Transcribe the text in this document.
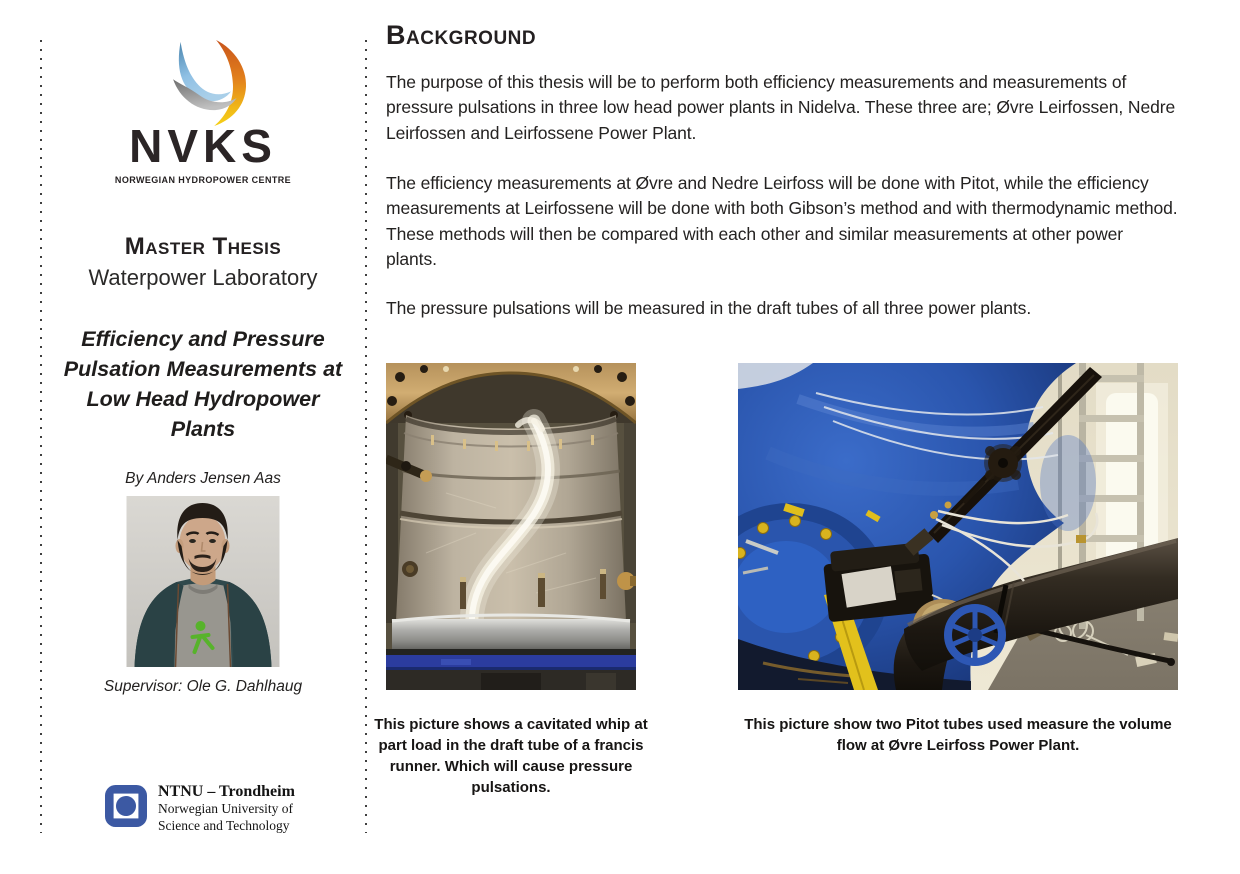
NVKS
NORWEGIAN HYDROPOWER CENTRE
Master Thesis
Waterpower Laboratory
Efficiency and Pressure Pulsation Measurements at Low Head Hydropower Plants
By Anders Jensen Aas
Supervisor: Ole G. Dahlhaug
NTNU – Trondheim
Norwegian University of
Science and Technology
Background

The purpose of this thesis will be to perform both efficiency measurements and measurements of pressure pulsations in three low head power plants in Nidelva. These three are; Øvre Leirfossen, Nedre Leirfossen and Leirfossene Power Plant.

The efficiency measurements at Øvre and Nedre Leirfoss will be done with Pitot, while the efficiency measurements at Leirfossene will be done with both Gibson’s method and with thermodynamic method. These methods will then be compared with each other and similar measurements at other power plants.

The pressure pulsations will be measured in the draft tubes of all three power plants.

This picture shows a cavitated whip at part load in the draft tube of a francis runner. Which will cause pressure pulsations.
This picture show two Pitot tubes used measure the volume flow at Øvre Leirfoss Power Plant.
